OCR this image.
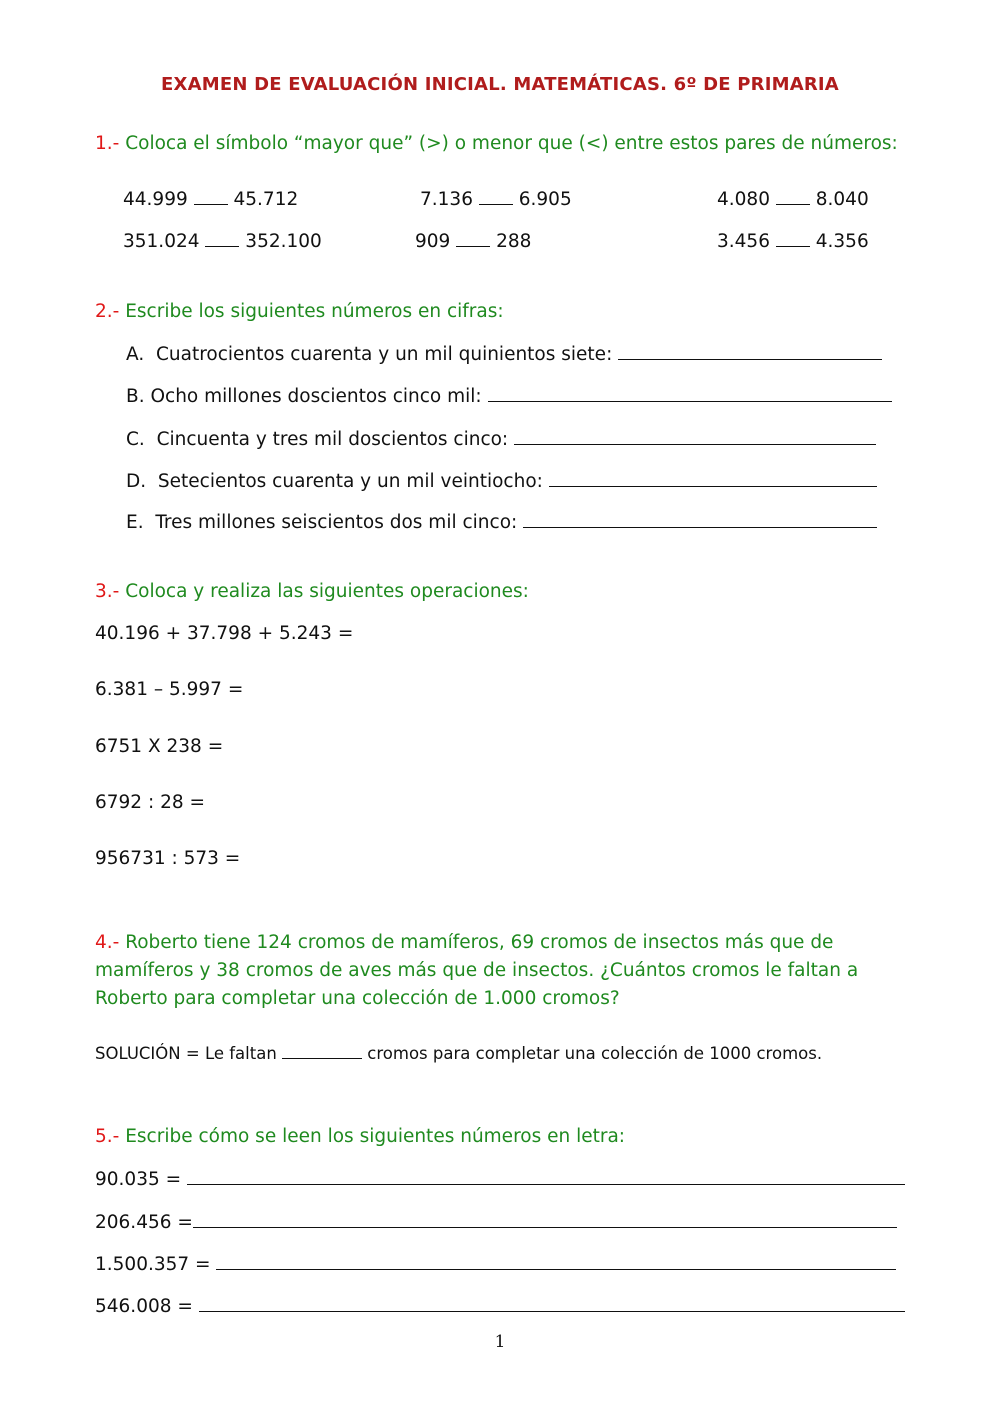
EXAMEN DE EVALUACIÓN INICIAL. MATEMÁTICAS. 6º DE PRIMARIA
1.- Coloca el símbolo “mayor que” (>) o menor que (<) entre estos pares de números:
44.999 45.712	7.136 6.905	4.080 8.040
351.024 352.100	909 288	3.456 4.356
2.- Escribe los siguientes números en cifras:
A. Cuatrocientos cuarenta y un mil quinientos siete:
B. Ocho millones doscientos cinco mil:
C. Cincuenta y tres mil doscientos cinco:
D. Setecientos cuarenta y un mil veintiocho:
E. Tres millones seiscientos dos mil cinco:
3.- Coloca y realiza las siguientes operaciones:
40.196 + 37.798 + 5.243 =
6.381 – 5.997 =
6751 X 238 =
6792 : 28 =
956731 : 573 =
4.- Roberto tiene 124 cromos de mamíferos, 69 cromos de insectos más que de
mamíferos y 38 cromos de aves más que de insectos. ¿Cuántos cromos le faltan a
Roberto para completar una colección de 1.000 cromos?
SOLUCIÓN = Le faltan	cromos para completar una colección de 1000 cromos.
5.- Escribe cómo se leen los siguientes números en letra:
90.035 =
206.456 =
1.500.357 =
546.008 =
1
